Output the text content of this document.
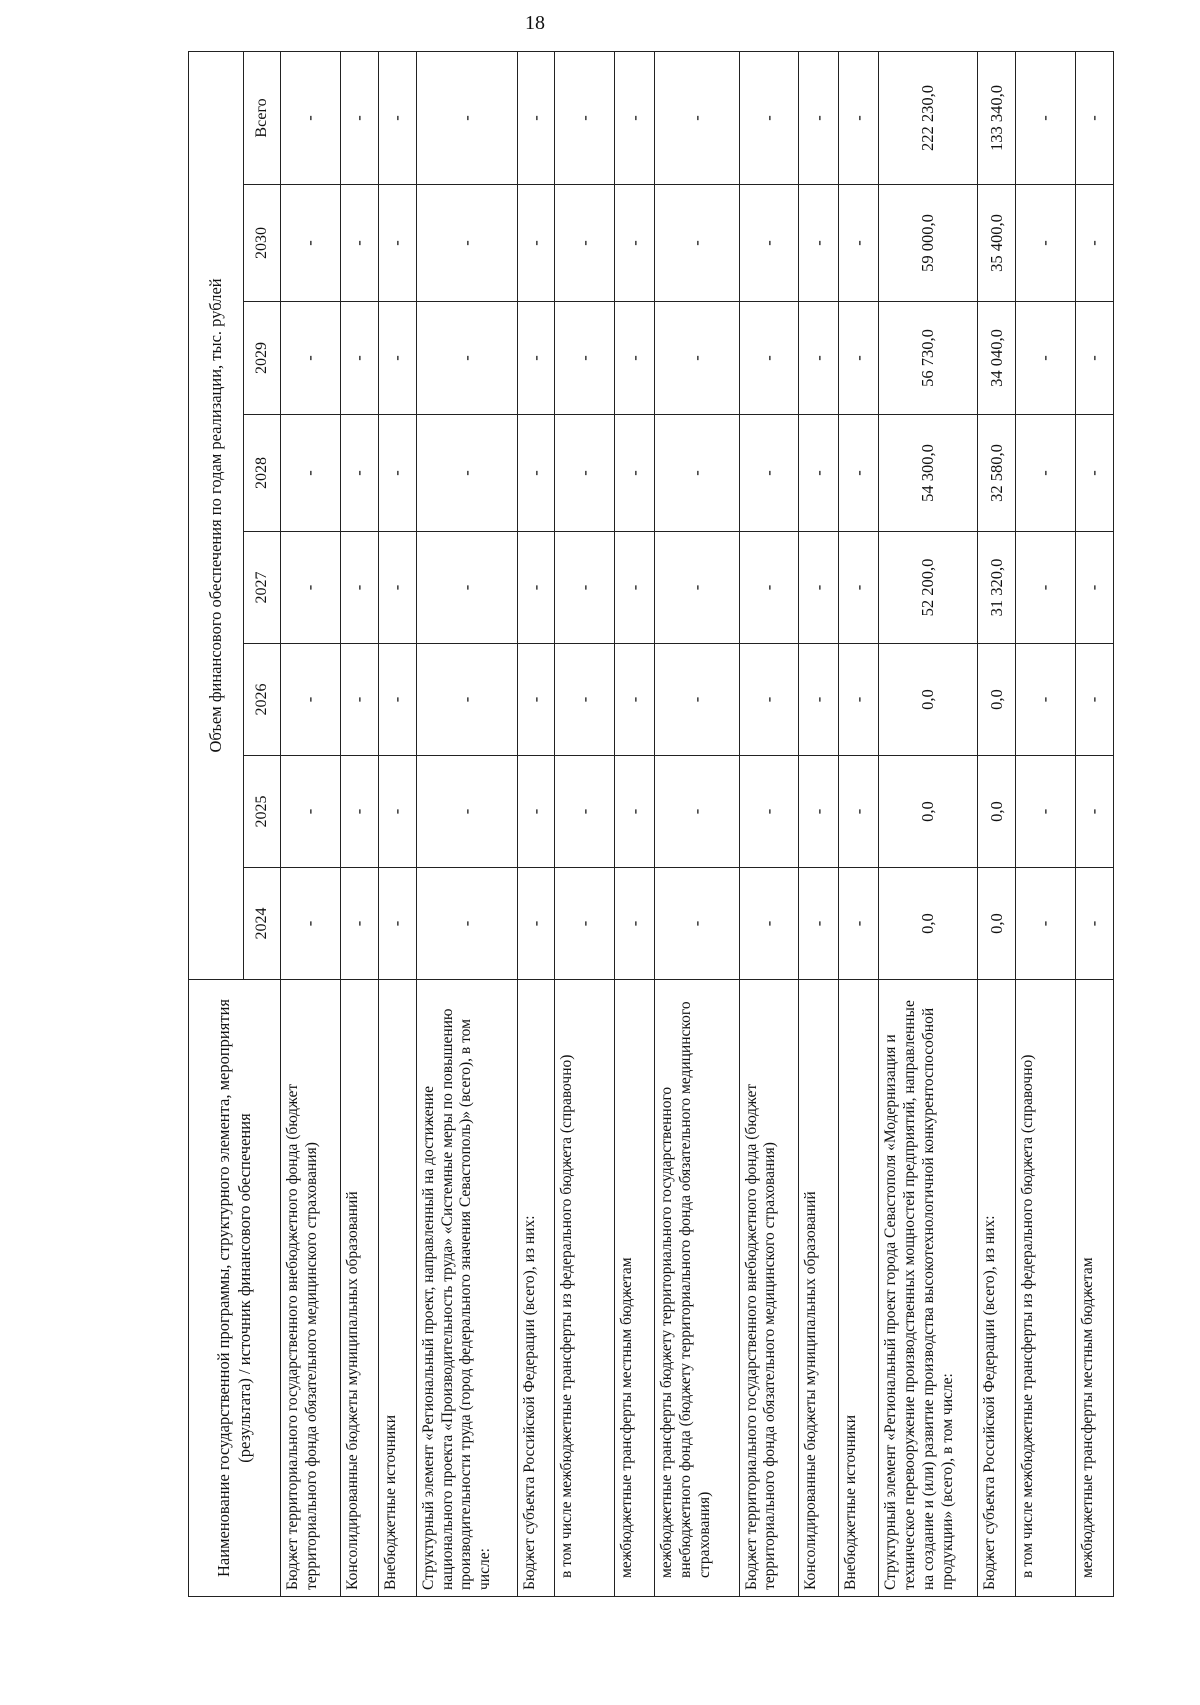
18
Наименование государственной программы, структурного элемента, мероприятия (результата) / источник финансового обеспечения	Объем финансового обеспечения по годам реализации, тыс. рублей							
	2024	2025	2026	2027	2028	2029	2030	Всего
Бюджет территориального государственного внебюджетного фонда (бюджет территориального фонда обязательного медицинского страхования)	-	-	-	-	-	-	-	-
Консолидированные бюджеты муниципальных образований	-	-	-	-	-	-	-	-
Внебюджетные источники	-	-	-	-	-	-	-	-
Структурный элемент «Региональный проект, направленный на достижение национального проекта «Производительность труда» «Системные меры по повышению производительности труда (город федерального значения Севастополь)» (всего), в том числе:	-	-	-	-	-	-	-	-
Бюджет субъекта Российской Федерации (всего), из них:	-	-	-	-	-	-	-	-
в том числе межбюджетные трансферты из федерального бюджета (справочно)	-	-	-	-	-	-	-	-
межбюджетные трансферты местным бюджетам	-	-	-	-	-	-	-	-
межбюджетные трансферты бюджету территориального государственного внебюджетного фонда (бюджету территориального фонда обязательного медицинского страхования)	-	-	-	-	-	-	-	-
Бюджет территориального государственного внебюджетного фонда (бюджет территориального фонда обязательного медицинского страхования)	-	-	-	-	-	-	-	-
Консолидированные бюджеты муниципальных образований	-	-	-	-	-	-	-	-
Внебюджетные источники	-	-	-	-	-	-	-	-
Структурный элемент «Региональный проект города Севастополя «Модернизация и техническое перевооружение производственных мощностей предприятий, направленные на создание и (или) развитие производства высокотехнологичной конкурентоспособной продукции» (всего), в том числе:	0,0	0,0	0,0	52 200,0	54 300,0	56 730,0	59 000,0	222 230,0
Бюджет субъекта Российской Федерации (всего), из них:	0,0	0,0	0,0	31 320,0	32 580,0	34 040,0	35 400,0	133 340,0
в том числе межбюджетные трансферты из федерального бюджета (справочно)	-	-	-	-	-	-	-	-
межбюджетные трансферты местным бюджетам	-	-	-	-	-	-	-	-
